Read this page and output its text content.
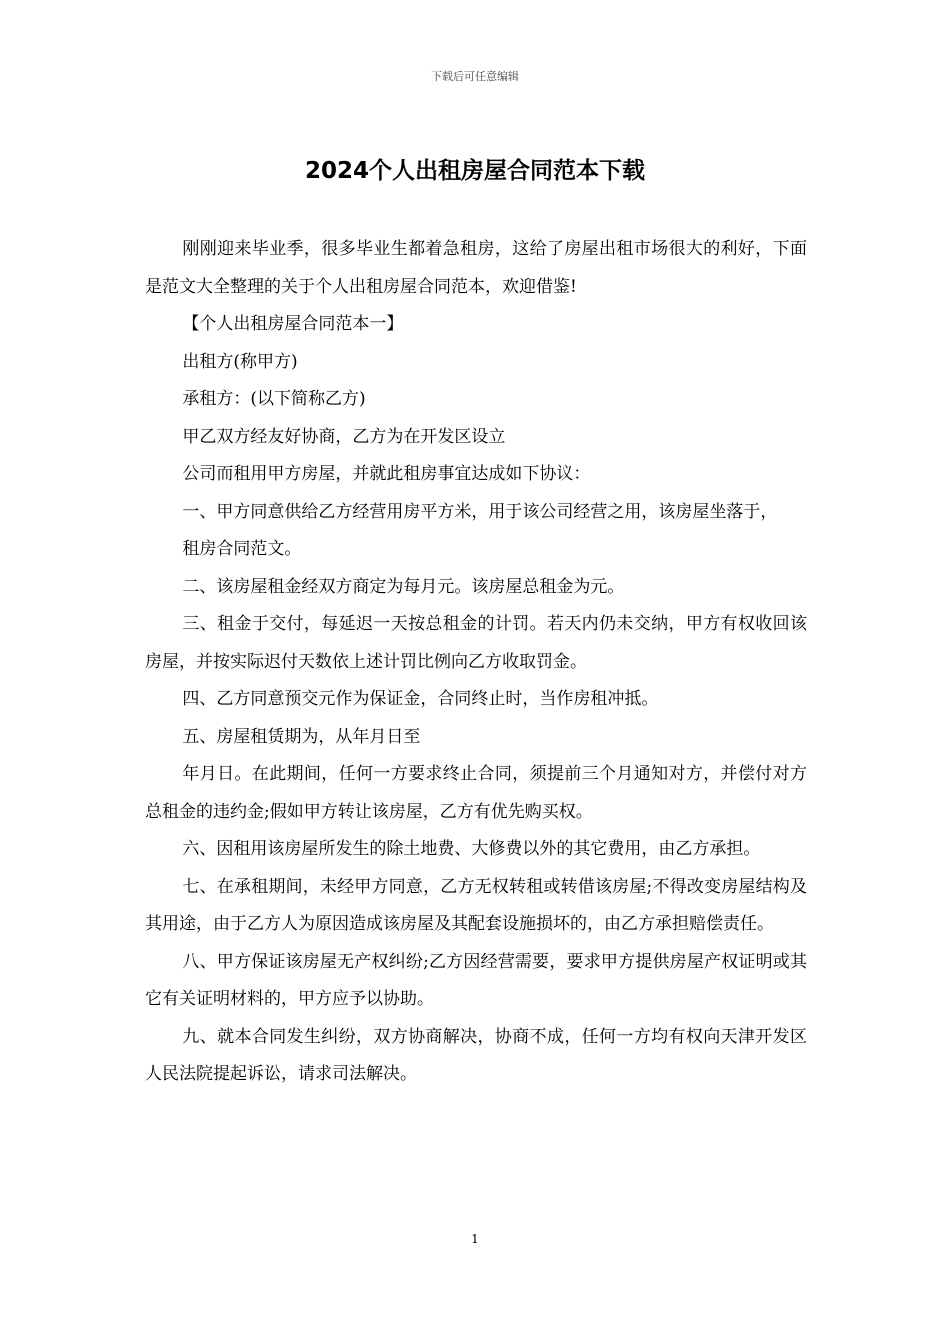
下载后可任意编辑
2024个人出租房屋合同范本下载

刚刚迎来毕业季，很多毕业生都着急租房，这给了房屋出租市场很大的利好，下面是范文大全整理的关于个人出租房屋合同范本，欢迎借鉴!

【个人出租房屋合同范本一】

出租方(称甲方)

承租方：(以下简称乙方)

甲乙双方经友好协商，乙方为在开发区设立

公司而租用甲方房屋，并就此租房事宜达成如下协议：

一、甲方同意供给乙方经营用房平方米，用于该公司经营之用，该房屋坐落于，

租房合同范文。

二、该房屋租金经双方商定为每月元。该房屋总租金为元。

三、租金于交付，每延迟一天按总租金的计罚。若天内仍未交纳，甲方有权收回该房屋，并按实际迟付天数依上述计罚比例向乙方收取罚金。

四、乙方同意预交元作为保证金，合同终止时，当作房租冲抵。

五、房屋租赁期为，从年月日至

年月日。在此期间，任何一方要求终止合同，须提前三个月通知对方，并偿付对方总租金的违约金;假如甲方转让该房屋，乙方有优先购买权。

六、因租用该房屋所发生的除土地费、大修费以外的其它费用，由乙方承担。

七、在承租期间，未经甲方同意，乙方无权转租或转借该房屋;不得改变房屋结构及其用途，由于乙方人为原因造成该房屋及其配套设施损坏的，由乙方承担赔偿责任。

八、甲方保证该房屋无产权纠纷;乙方因经营需要，要求甲方提供房屋产权证明或其它有关证明材料的，甲方应予以协助。

九、就本合同发生纠纷，双方协商解决，协商不成，任何一方均有权向天津开发区人民法院提起诉讼，请求司法解决。

1
